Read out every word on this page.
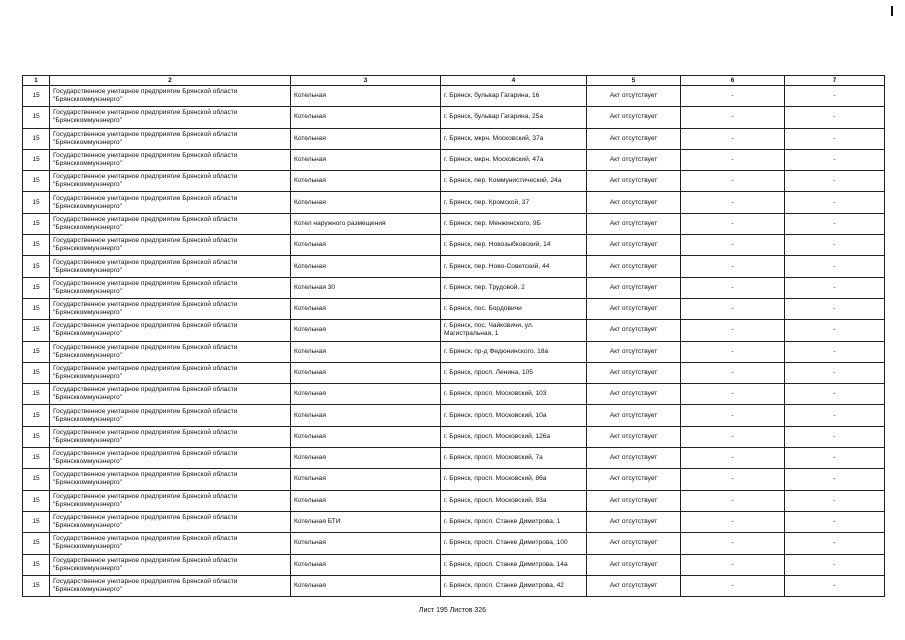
1	2	3	4	5	6	7
15	Государственное унитарное предприятие Брянской области "Брянсккоммунэнерго"	Котельная	г. Брянск, бульвар Гагарина, 16	Акт отсутствует	-	-
15	Государственное унитарное предприятие Брянской области "Брянсккоммунэнерго"	Котельная	г. Брянск, бульвар Гагарина, 25а	Акт отсутствует	-	-
15	Государственное унитарное предприятие Брянской области "Брянсккоммунэнерго"	Котельная	г. Брянск, мкрн. Московский, 37а	Акт отсутствует	-	-
15	Государственное унитарное предприятие Брянской области "Брянсккоммунэнерго"	Котельная	г. Брянск, мкрн. Московский, 47а	Акт отсутствует	-	-
15	Государственное унитарное предприятие Брянской области "Брянсккоммунэнерго"	Котельная	г. Брянск, пер. Коммунистический, 24а	Акт отсутствует	-	-
15	Государственное унитарное предприятие Брянской области "Брянсккоммунэнерго"	Котельная	г. Брянск, пер. Кромской, 37	Акт отсутствует	-	-
15	Государственное унитарное предприятие Брянской области "Брянсккоммунэнерго"	Котел наружного размещения	г. Брянск, пер. Менжинского, 9Б	Акт отсутствует	-	-
15	Государственное унитарное предприятие Брянской области "Брянсккоммунэнерго"	Котельная	г. Брянск, пер. Новозыбковский, 14	Акт отсутствует	-	-
15	Государственное унитарное предприятие Брянской области "Брянсккоммунэнерго"	Котельная	г. Брянск, пер. Ново-Советский, 44	Акт отсутствует	-	-
15	Государственное унитарное предприятие Брянской области "Брянсккоммунэнерго"	Котельная 30	г. Брянск, пер. Трудовой, 2	Акт отсутствует	-	-
15	Государственное унитарное предприятие Брянской области "Брянсккоммунэнерго"	Котельная	г. Брянск, пос. Бордовичи	Акт отсутствует	-	-
15	Государственное унитарное предприятие Брянской области "Брянсккоммунэнерго"	Котельная	г. Брянск, пос. Чайковичи, ул. Магистральная, 1	Акт отсутствует	-	-
15	Государственное унитарное предприятие Брянской области "Брянсккоммунэнерго"	Котельная	г. Брянск, пр-д Федюнинского, 18а	Акт отсутствует	-	-
15	Государственное унитарное предприятие Брянской области "Брянсккоммунэнерго"	Котельная	г. Брянск, просп. Ленина, 105	Акт отсутствует	-	-
15	Государственное унитарное предприятие Брянской области "Брянсккоммунэнерго"	Котельная	г. Брянск, просп. Московский, 103	Акт отсутствует	-	-
15	Государственное унитарное предприятие Брянской области "Брянсккоммунэнерго"	Котельная	г. Брянск, просп. Московский, 10а	Акт отсутствует	-	-
15	Государственное унитарное предприятие Брянской области "Брянсккоммунэнерго"	Котельная	г. Брянск, просп. Московский, 126а	Акт отсутствует	-	-
15	Государственное унитарное предприятие Брянской области "Брянсккоммунэнерго"	Котельная	г. Брянск, просп. Московский, 7а	Акт отсутствует	-	-
15	Государственное унитарное предприятие Брянской области "Брянсккоммунэнерго"	Котельная	г. Брянск, просп. Московский, 86а	Акт отсутствует	-	-
15	Государственное унитарное предприятие Брянской области "Брянсккоммунэнерго"	Котельная	г. Брянск, просп. Московский, 93а	Акт отсутствует	-	-
15	Государственное унитарное предприятие Брянской области "Брянсккоммунэнерго"	Котельная БТИ	г. Брянск, просп. Станке Димитрова, 1	Акт отсутствует	-	-
15	Государственное унитарное предприятие Брянской области "Брянсккоммунэнерго"	Котельная	г. Брянск, просп. Станке Димитрова, 100	Акт отсутствует	-	-
15	Государственное унитарное предприятие Брянской области "Брянсккоммунэнерго"	Котельная	г. Брянск, просп. Станке Димитрова, 14а	Акт отсутствует	-	-
15	Государственное унитарное предприятие Брянской области "Брянсккоммунэнерго"	Котельная	г. Брянск, просп. Станке Димитрова, 42	Акт отсутствует	-	-
Лист 195 Листов 326
